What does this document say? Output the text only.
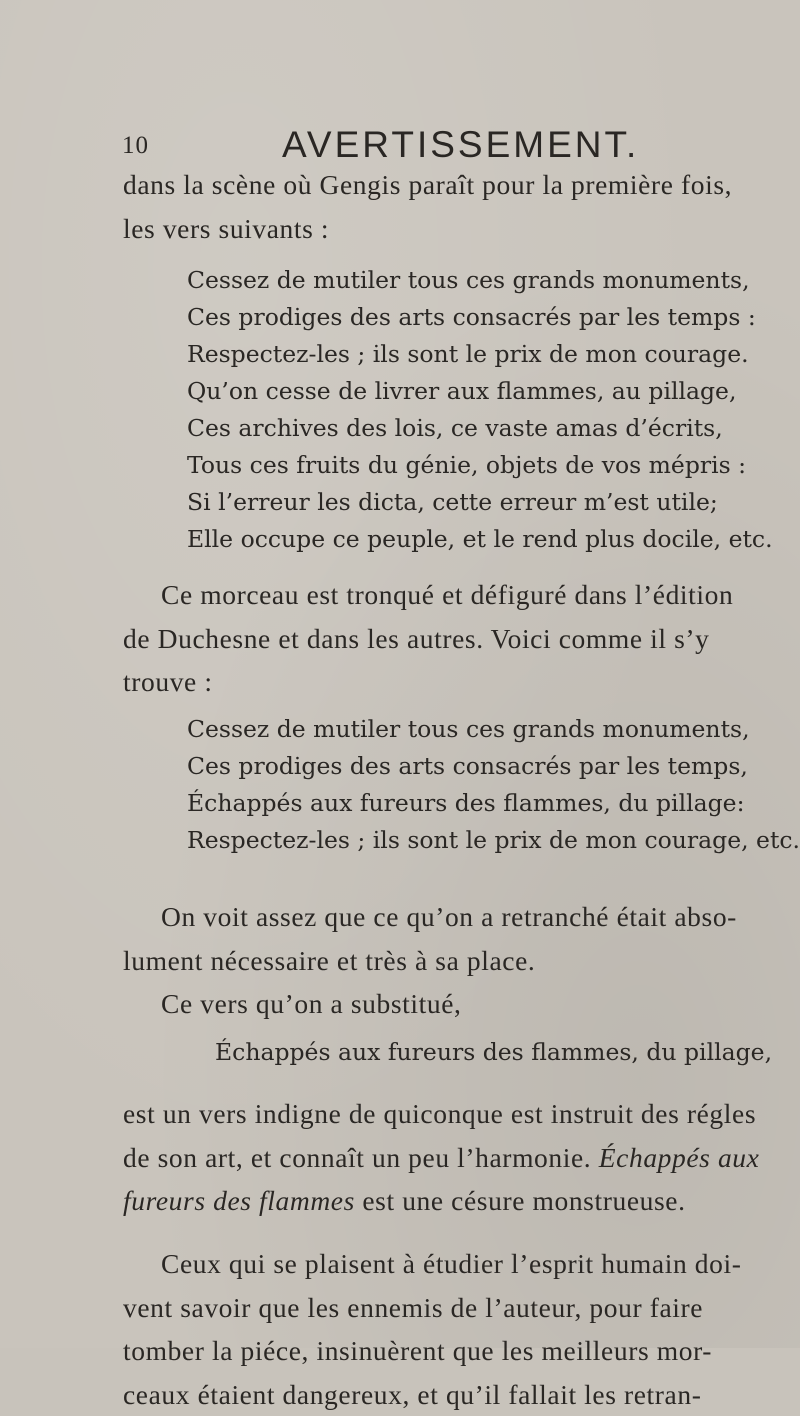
10	AVERTISSEMENT.
dans la scène où Gengis paraît pour la première fois,
les vers suivants :
Cessez de mutiler tous ces grands monuments,
Ces prodiges des arts consacrés par les temps :
Respectez-les ; ils sont le prix de mon courage.
Qu’on cesse de livrer aux flammes, au pillage,
Ces archives des lois, ce vaste amas d’écrits,
Tous ces fruits du génie, objets de vos mépris :
Si l’erreur les dicta, cette erreur m’est utile;
Elle occupe ce peuple, et le rend plus docile, etc.
Ce morceau est tronqué et défiguré dans l’édition
de Duchesne et dans les autres. Voici comme il s’y
trouve :
Cessez de mutiler tous ces grands monuments,
Ces prodiges des arts consacrés par les temps,
Échappés aux fureurs des flammes, du pillage:
Respectez-les ; ils sont le prix de mon courage, etc.
On voit assez que ce qu’on a retranché était abso-
lument nécessaire et très à sa place.
Ce vers qu’on a substitué,
Échappés aux fureurs des flammes, du pillage,
est un vers indigne de quiconque est instruit des régles
de son art, et connaît un peu l’harmonie. Échappés aux
fureurs des flammes est une césure monstrueuse.
Ceux qui se plaisent à étudier l’esprit humain doi-
vent savoir que les ennemis de l’auteur, pour faire
tomber la piéce, insinuèrent que les meilleurs mor-
ceaux étaient dangereux, et qu’il fallait les retran-
